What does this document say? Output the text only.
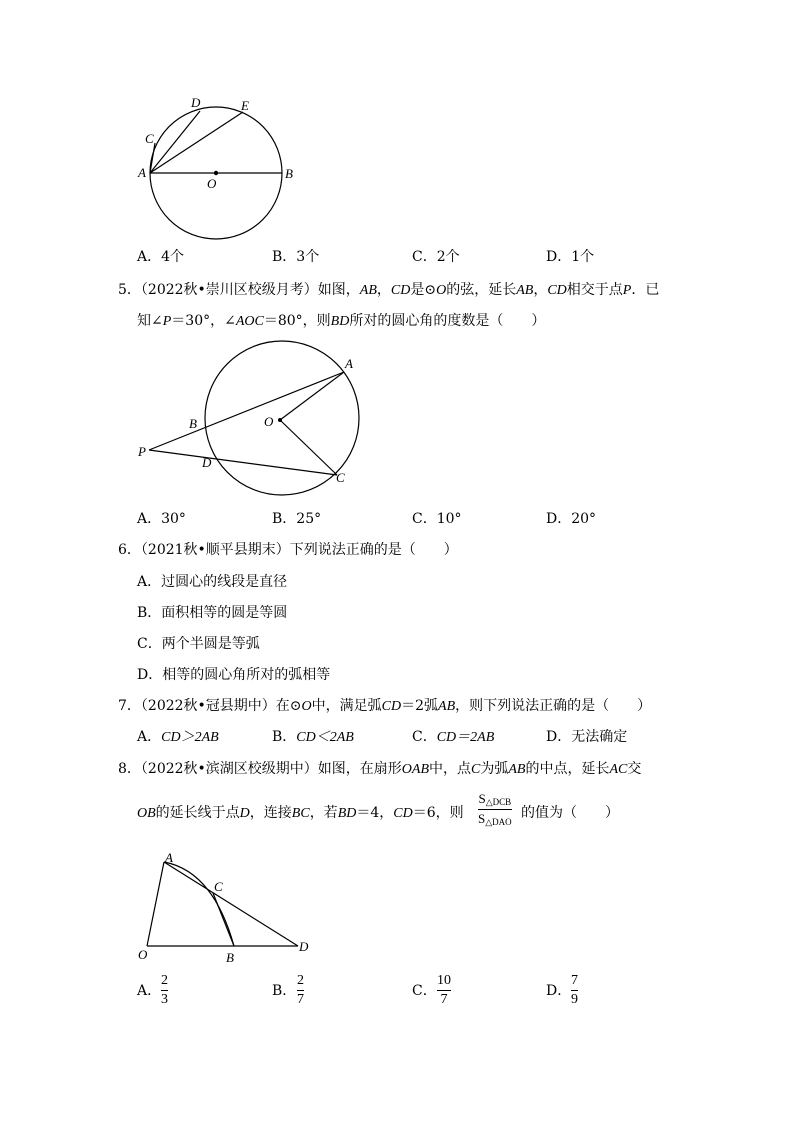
A	B
C
D	E
O
A．4个	B．3个	C．2个	D．1个
5．（2022秋•崇川区校级月考）如图，AB，CD是⊙O的弦，延长AB，CD相交于点P．已
知∠P＝30°，∠AOC＝80°，则BD所对的圆心角的度数是（　　）
A
B
C
D
O
P
A．30°	B．25°	C．10°	D．20°
6．（2021秋•顺平县期末）下列说法正确的是（　　）
A．过圆心的线段是直径
B．面积相等的圆是等圆
C．两个半圆是等弧
D．相等的圆心角所对的弧相等
7．（2022秋•冠县期中）在⊙O中，满足弧CD＝2弧AB，则下列说法正确的是（　　）
A．CD＞2AB	B．CD＜2AB	C．CD＝2AB	D．无法确定
8．（2022秋•滨湖区校级期中）如图，在扇形OAB中，点C为弧AB的中点，延长AC交
OB的延长线于点D，连接BC，若BD＝4，CD＝6，则
$S_{\triangle DCB}$
$S_{\triangle DAO}$
的值为（　　）
A
B
C
D
O
A．
2
3
B．
2
7
C．
10
7
D．
7
9
